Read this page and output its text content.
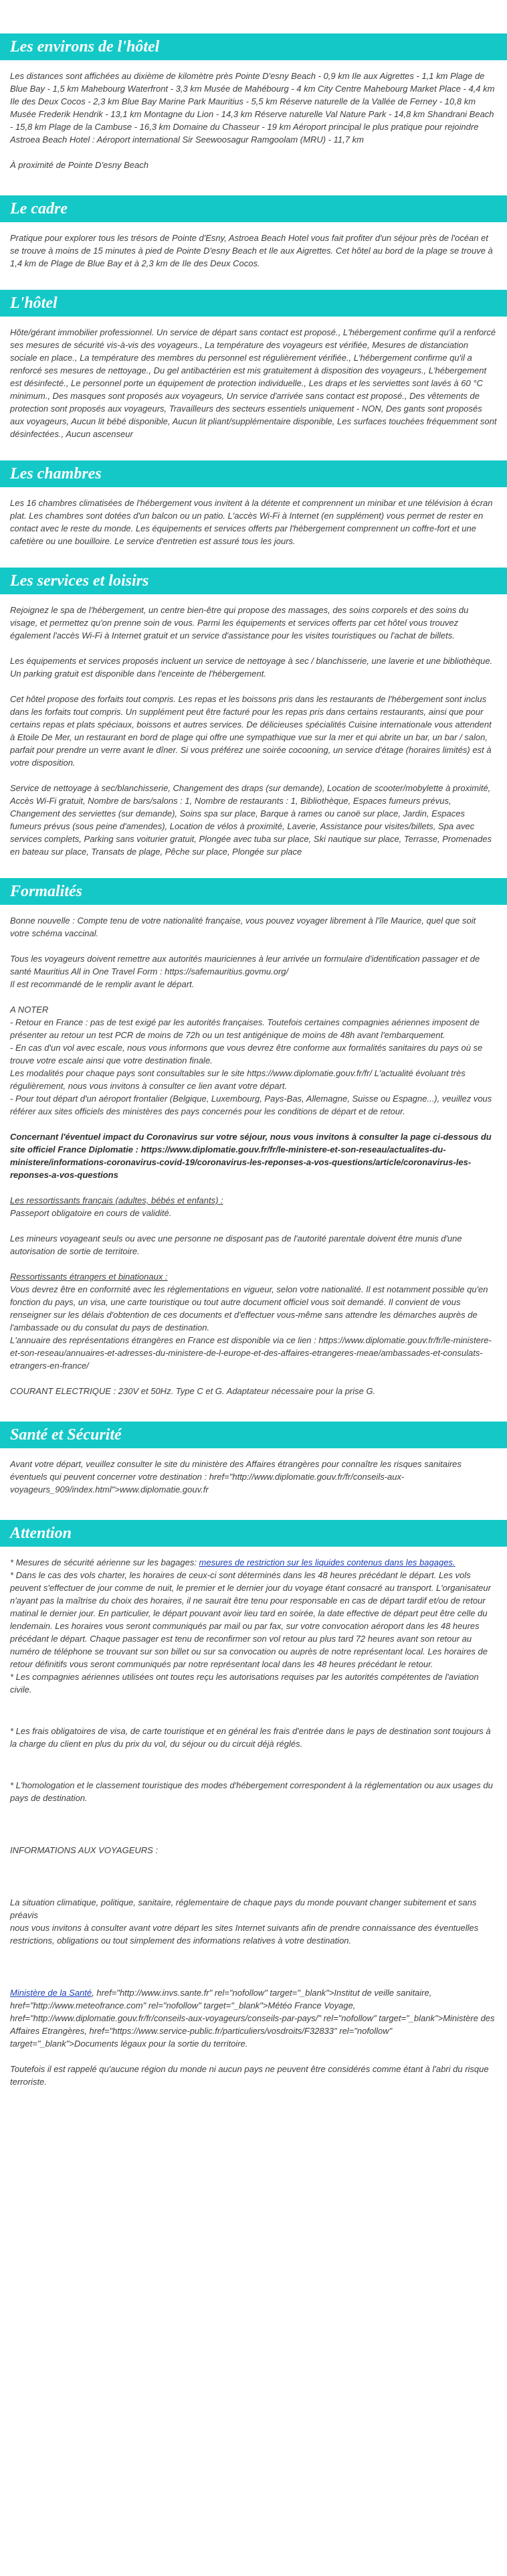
Les environs de l'hôtel

Les distances sont affichées au dixième de kilomètre près Pointe D'esny Beach - 0,9 km Ile aux Aigrettes - 1,1 km Plage de Blue Bay - 1,5 km Mahebourg Waterfront - 3,3 km Musée de Mahébourg - 4 km City Centre Mahebourg Market Place - 4,4 km Ile des Deux Cocos - 2,3 km Blue Bay Marine Park Mauritius - 5,5 km Réserve naturelle de la Vallée de Ferney - 10,8 km Musée Frederik Hendrik - 13,1 km Montagne du Lion - 14,3 km Réserve naturelle Val Nature Park - 14,8 km Shandrani Beach - 15,8 km Plage de la Cambuse - 16,3 km Domaine du Chasseur - 19 km Aéroport principal le plus pratique pour rejoindre Astroea Beach Hotel : Aéroport international Sir Seewoosagur Ramgoolam (MRU) - 11,7 km

À proximité de Pointe D'esny Beach

Le cadre

Pratique pour explorer tous les trésors de Pointe d'Esny, Astroea Beach Hotel vous fait profiter d'un séjour près de l'océan et se trouve à moins de 15 minutes à pied de Pointe D'esny Beach et Ile aux Aigrettes. Cet hôtel au bord de la plage se trouve à 1,4 km de Plage de Blue Bay et à 2,3 km de Ile des Deux Cocos.

L'hôtel

Hôte/gérant immobilier professionnel. Un service de départ sans contact est proposé., L'hébergement confirme qu'il a renforcé ses mesures de sécurité vis-à-vis des voyageurs., La température des voyageurs est vérifiée, Mesures de distanciation sociale en place., La température des membres du personnel est régulièrement vérifiée., L'hébergement confirme qu'il a renforcé ses mesures de nettoyage., Du gel antibactérien est mis gratuitement à disposition des voyageurs., L'hébergement est désinfecté., Le personnel porte un équipement de protection individuelle., Les draps et les serviettes sont lavés à 60 °C minimum., Des masques sont proposés aux voyageurs, Un service d'arrivée sans contact est proposé., Des vêtements de protection sont proposés aux voyageurs, Travailleurs des secteurs essentiels uniquement - NON, Des gants sont proposés aux voyageurs, Aucun lit bébé disponible, Aucun lit pliant/supplémentaire disponible, Les surfaces touchées fréquemment sont désinfectées., Aucun ascenseur

Les chambres

Les 16 chambres climatisées de l'hébergement vous invitent à la détente et comprennent un minibar et une télévision à écran plat. Les chambres sont dotées d'un balcon ou un patio. L'accès Wi-Fi à Internet (en supplément) vous permet de rester en contact avec le reste du monde. Les équipements et services offerts par l'hébergement comprennent un coffre-fort et une cafetière ou une bouilloire. Le service d'entretien est assuré tous les jours.

Les services et loisirs

Rejoignez le spa de l'hébergement, un centre bien-être qui propose des massages, des soins corporels et des soins du visage, et permettez qu'on prenne soin de vous. Parmi les équipements et services offerts par cet hôtel vous trouvez également l'accès Wi-Fi à Internet gratuit et un service d'assistance pour les visites touristiques ou l'achat de billets.

Les équipements et services proposés incluent un service de nettoyage à sec / blanchisserie, une laverie et une bibliothèque. Un parking gratuit est disponible dans l'enceinte de l'hébergement.

Cet hôtel propose des forfaits tout compris. Les repas et les boissons pris dans les restaurants de l'hébergement sont inclus dans les forfaits tout compris. Un supplément peut être facturé pour les repas pris dans certains restaurants, ainsi que pour certains repas et plats spéciaux, boissons et autres services. De délicieuses spécialités Cuisine internationale vous attendent à Etoile De Mer, un restaurant en bord de plage qui offre une sympathique vue sur la mer et qui abrite un bar, un bar / salon, parfait pour prendre un verre avant le dîner. Si vous préférez une soirée cocooning, un service d'étage (horaires limités) est à votre disposition.

Service de nettoyage à sec/blanchisserie, Changement des draps (sur demande), Location de scooter/mobylette à proximité, Accès Wi-Fi gratuit, Nombre de bars/salons : 1, Nombre de restaurants : 1, Bibliothèque, Espaces fumeurs prévus, Changement des serviettes (sur demande), Soins spa sur place, Barque à rames ou canoë sur place, Jardin, Espaces fumeurs prévus (sous peine d'amendes), Location de vélos à proximité, Laverie, Assistance pour visites/billets, Spa avec services complets, Parking sans voiturier gratuit, Plongée avec tuba sur place, Ski nautique sur place, Terrasse, Promenades en bateau sur place, Transats de plage, Pêche sur place, Plongée sur place

Formalités

Bonne nouvelle : Compte tenu de votre nationalité française, vous pouvez voyager librement à l'île Maurice, quel que soit votre schéma vaccinal.

Tous les voyageurs doivent remettre aux autorités mauriciennes à leur arrivée un formulaire d'identification passager et de santé Mauritius All in One Travel Form : https://safemauritius.govmu.org/
Il est recommandé de le remplir avant le départ.

A NOTER
- Retour en France : pas de test exigé par les autorités françaises. Toutefois certaines compagnies aériennes imposent de présenter au retour un test PCR de moins de 72h ou un test antigénique de moins de 48h avant l'embarquement.
- En cas d'un vol avec escale, nous vous informons que vous devrez être conforme aux formalités sanitaires du pays où se trouve votre escale ainsi que votre destination finale.
Les modalités pour chaque pays sont consultables sur le site https://www.diplomatie.gouv.fr/fr/ L'actualité évoluant très régulièrement, nous vous invitons à consulter ce lien avant votre départ.
- Pour tout départ d'un aéroport frontalier (Belgique, Luxembourg, Pays-Bas, Allemagne, Suisse ou Espagne...), veuillez vous référer aux sites officiels des ministères des pays concernés pour les conditions de départ et de retour.

Concernant l'éventuel impact du Coronavirus sur votre séjour, nous vous invitons à consulter la page ci-dessous du site officiel France Diplomatie : https://www.diplomatie.gouv.fr/fr/le-ministere-et-son-reseau/actualites-du-ministere/informations-coronavirus-covid-19/coronavirus-les-reponses-a-vos-questions/article/coronavirus-les-reponses-a-vos-questions

Les ressortissants français (adultes, bébés et enfants) :
Passeport obligatoire en cours de validité.

Les mineurs voyageant seuls ou avec une personne ne disposant pas de l'autorité parentale doivent être munis d'une autorisation de sortie de territoire.

Ressortissants étrangers et binationaux :
Vous devrez être en conformité avec les réglementations en vigueur, selon votre nationalité. Il est notamment possible qu'en fonction du pays, un visa, une carte touristique ou tout autre document officiel vous soit demandé. Il convient de vous renseigner sur les délais d'obtention de ces documents et d'effectuer vous-même sans attendre les démarches auprès de l'ambassade ou du consulat du pays de destination.
L'annuaire des représentations étrangères en France est disponible via ce lien : https://www.diplomatie.gouv.fr/fr/le-ministere-et-son-reseau/annuaires-et-adresses-du-ministere-de-l-europe-et-des-affaires-etrangeres-meae/ambassades-et-consulats-etrangers-en-france/

COURANT ELECTRIQUE : 230V et 50Hz. Type C et G. Adaptateur nécessaire pour la prise G.

Santé et Sécurité

Avant votre départ, veuillez consulter le site du ministère des Affaires étrangères pour connaître les risques sanitaires éventuels qui peuvent concerner votre destination : href="http://www.diplomatie.gouv.fr/fr/conseils-aux-voyageurs_909/index.html">www.diplomatie.gouv.fr

Attention

* Mesures de sécurité aérienne sur les bagages: mesures de restriction sur les liquides contenus dans les bagages.
* Dans le cas des vols charter, les horaires de ceux-ci sont déterminés dans les 48 heures précédant le départ. Les vols peuvent s'effectuer de jour comme de nuit, le premier et le dernier jour du voyage étant consacré au transport. L'organisateur n'ayant pas la maîtrise du choix des horaires, il ne saurait être tenu pour responsable en cas de départ tardif et/ou de retour matinal le dernier jour. En particulier, le départ pouvant avoir lieu tard en soirée, la date effective de départ peut être celle du lendemain. Les horaires vous seront communiqués par mail ou par fax, sur votre convocation aéroport dans les 48 heures précédant le départ. Chaque passager est tenu de reconfirmer son vol retour au plus tard 72 heures avant son retour au numéro de téléphone se trouvant sur son billet ou sur sa convocation ou auprès de notre représentant local. Les horaires de retour définitifs vous seront communiqués par notre représentant local dans les 48 heures précédant le retour.
* Les compagnies aériennes utilisées ont toutes reçu les autorisations requises par les autorités compétentes de l'aviation civile.

* Les frais obligatoires de visa, de carte touristique et en général les frais d'entrée dans le pays de destination sont toujours à la charge du client en plus du prix du vol, du séjour ou du circuit déjà réglés.

* L'homologation et le classement touristique des modes d'hébergement correspondent à la réglementation ou aux usages du pays de destination.

INFORMATIONS AUX VOYAGEURS :

La situation climatique, politique, sanitaire, réglementaire de chaque pays du monde pouvant changer subitement et sans préavis
nous vous invitons à consulter avant votre départ les sites Internet suivants afin de prendre connaissance des éventuelles restrictions, obligations ou tout simplement des informations relatives à votre destination.

Ministère de la Santé, href="http://www.invs.sante.fr" rel="nofollow" target="_blank">Institut de veille sanitaire, href="http://www.meteofrance.com" rel="nofollow" target="_blank">Météo France Voyage, href="http://www.diplomatie.gouv.fr/fr/conseils-aux-voyageurs/conseils-par-pays/" rel="nofollow" target="_blank">Ministère des Affaires Etrangères, href="https://www.service-public.fr/particuliers/vosdroits/F32833" rel="nofollow" target="_blank">Documents légaux pour la sortie du territoire.

Toutefois il est rappelé qu'aucune région du monde ni aucun pays ne peuvent être considérés comme étant à l'abri du risque terroriste.
